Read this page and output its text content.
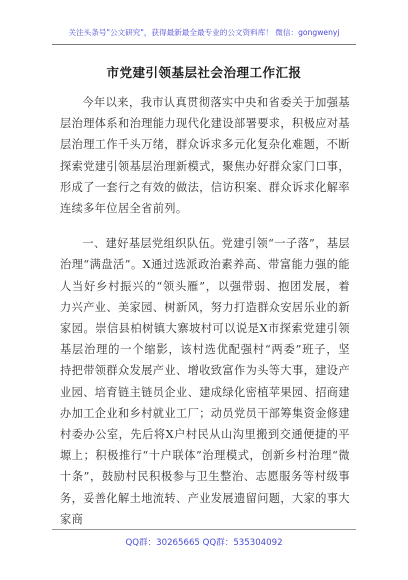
关注头条号"公文研究"，获得最新最全最专业的公文资料库！ 微信：gongwenyj
市党建引领基层社会治理工作汇报

今年以来，我市认真贯彻落实中央和省委关于加强基层治理体系和治理能力现代化建设部署要求，积极应对基层治理工作千头万绪，群众诉求多元化复杂化难题，不断探索党建引领基层治理新模式，聚焦办好群众家门口事，形成了一套行之有效的做法，信访积案、群众诉求化解率连续多年位居全省前列。

一、建好基层党组织队伍。党建引领“一子落”，基层治理“满盘活”。X通过选派政治素养高、带富能力强的能人当好乡村振兴的“领头雁”，以强带弱、抱团发展，着力兴产业、美家园、树新风，努力打造群众安居乐业的新家园。崇信县柏树镇大寨坡村可以说是X市探索党建引领基层治理的一个缩影，该村选优配强村“两委”班子，坚持把带领群众发展产业、增收致富作为头等大事，建设产业园、培育链主链员企业、建成绿化密植苹果园、招商建办加工企业和乡村就业工厂；动员党员干部筹集资金修建村委办公室，先后将X户村民从山沟里搬到交通便捷的平塬上；积极推行“十户联体”治理模式，创新乡村治理“微十条”，鼓励村民积极参与卫生整治、志愿服务等村级事务，妥善化解土地流转、产业发展遗留问题，大家的事大家商

QQ群：30265665 QQ群：535304092
